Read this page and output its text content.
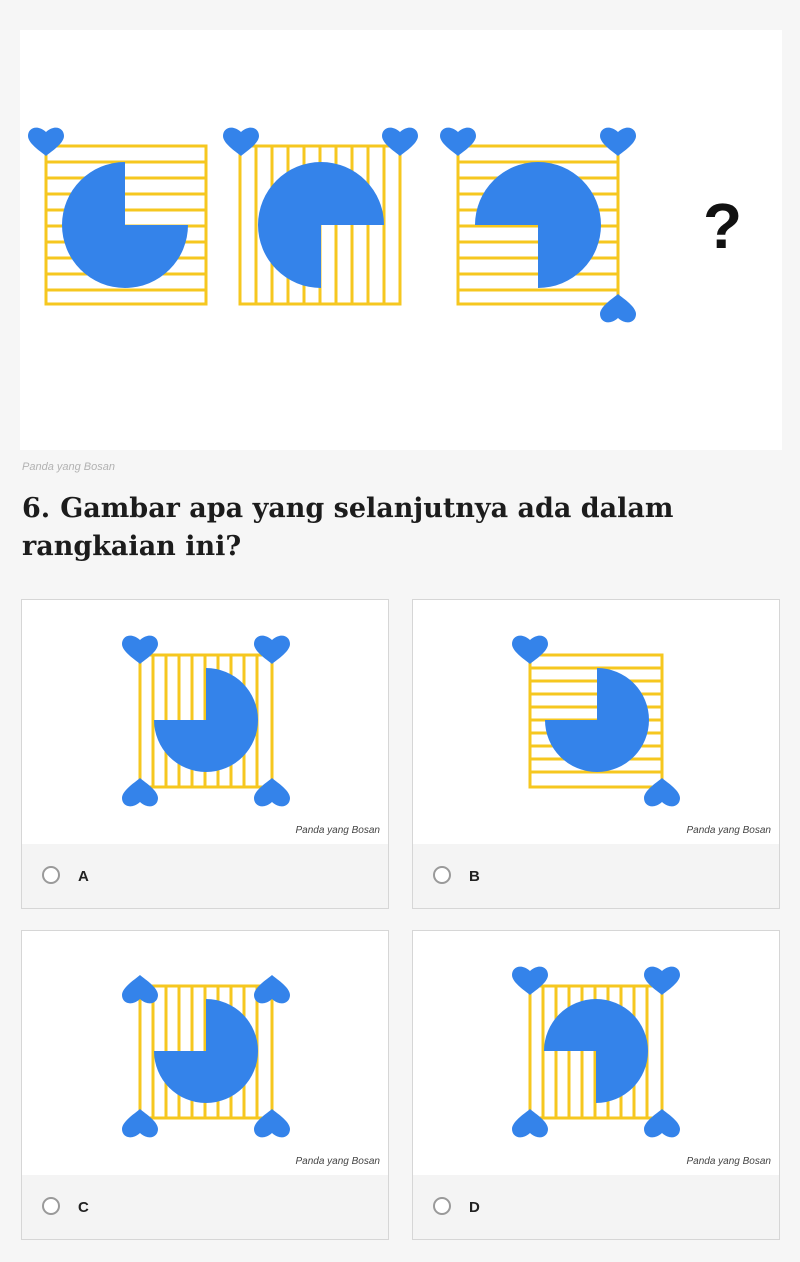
?
Panda yang Bosan
6. Gambar apa yang selanjutnya ada dalam rangkaian ini?
Panda yang Bosan
A
Panda yang Bosan
B
Panda yang Bosan
C
Panda yang Bosan
D
